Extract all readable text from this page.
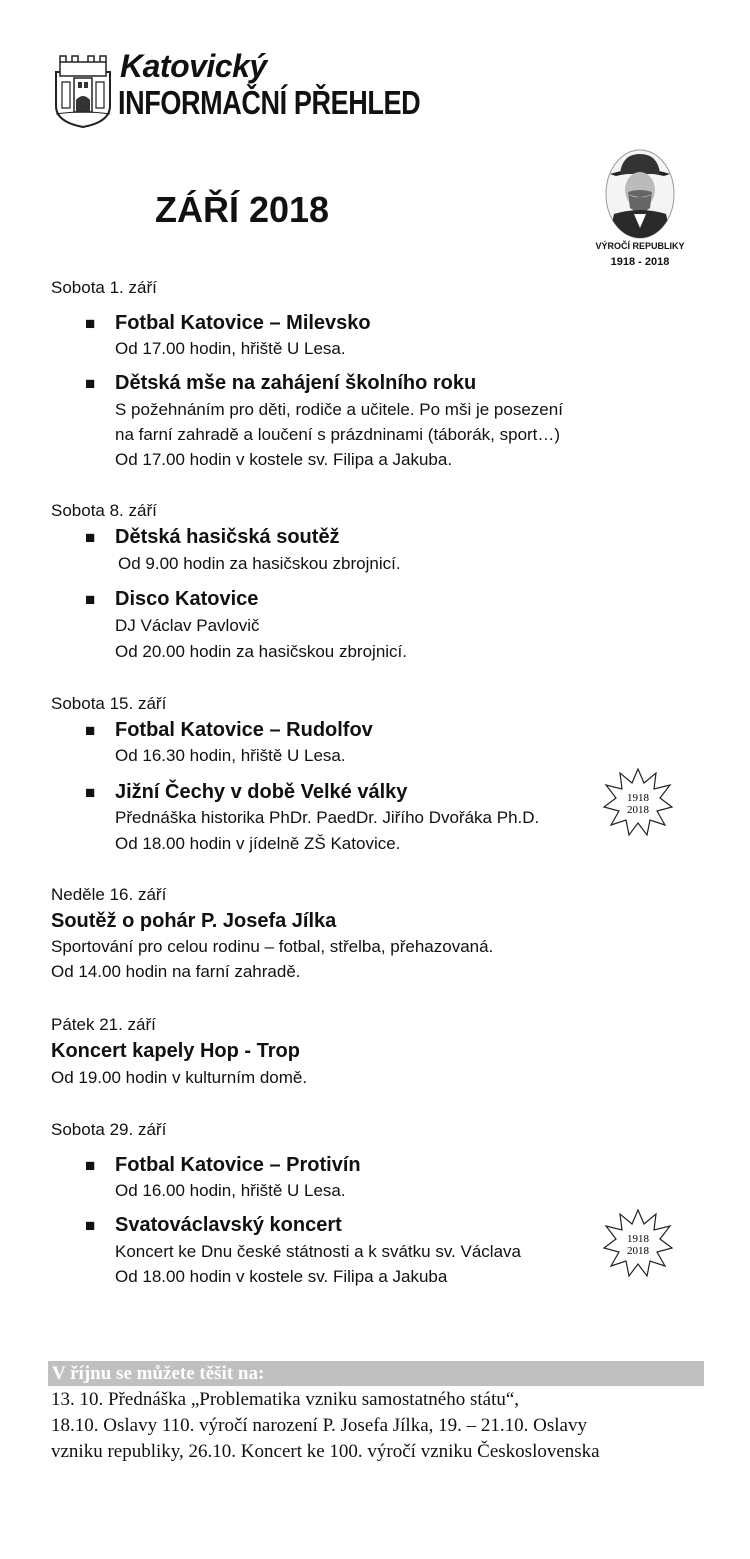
Katovický
INFORMAČNÍ PŘEHLED
ZÁŘÍ 2018
VÝROČÍ REPUBLIKY
1918 - 2018
Sobota 1. září
■ Fotbal Katovice – Milevsko
Od 17.00 hodin, hřiště U Lesa.
■ Dětská mše na zahájení školního roku
S požehnáním pro děti, rodiče a učitele. Po mši je posezení
na farní zahradě a loučení s prázdninami (táborák, sport…)
Od 17.00 hodin v kostele sv. Filipa a Jakuba.
Sobota 8. září
■ Dětská hasičská soutěž
Od 9.00 hodin za hasičskou zbrojnicí.
■ Disco Katovice
DJ Václav Pavlovič
Od 20.00 hodin za hasičskou zbrojnicí.
Sobota 15. září
■ Fotbal Katovice – Rudolfov
Od 16.30 hodin, hřiště U Lesa.
■ Jižní Čechy v době Velké války
Přednáška historika PhDr. PaedDr. Jiřího Dvořáka Ph.D.
Od 18.00 hodin v jídelně ZŠ Katovice.
1918
2018
Neděle 16. září
Soutěž o pohár P. Josefa Jílka
Sportování pro celou rodinu – fotbal, střelba, přehazovaná.
Od 14.00 hodin na farní zahradě.
Pátek 21. září
Koncert kapely Hop - Trop
Od 19.00 hodin v kulturním domě.
Sobota 29. září
■ Fotbal Katovice – Protivín
Od 16.00 hodin, hřiště U Lesa.
■ Svatováclavský koncert
Koncert ke Dnu české státnosti a k svátku sv. Václava
Od 18.00 hodin v kostele sv. Filipa a Jakuba
1918
2018
V říjnu se můžete těšit na:
13. 10. Přednáška „Problematika vzniku samostatného státu“,
18.10. Oslavy 110. výročí narození P. Josefa Jílka, 19. – 21.10. Oslavy
vzniku republiky, 26.10. Koncert ke 100. výročí vzniku Československa
